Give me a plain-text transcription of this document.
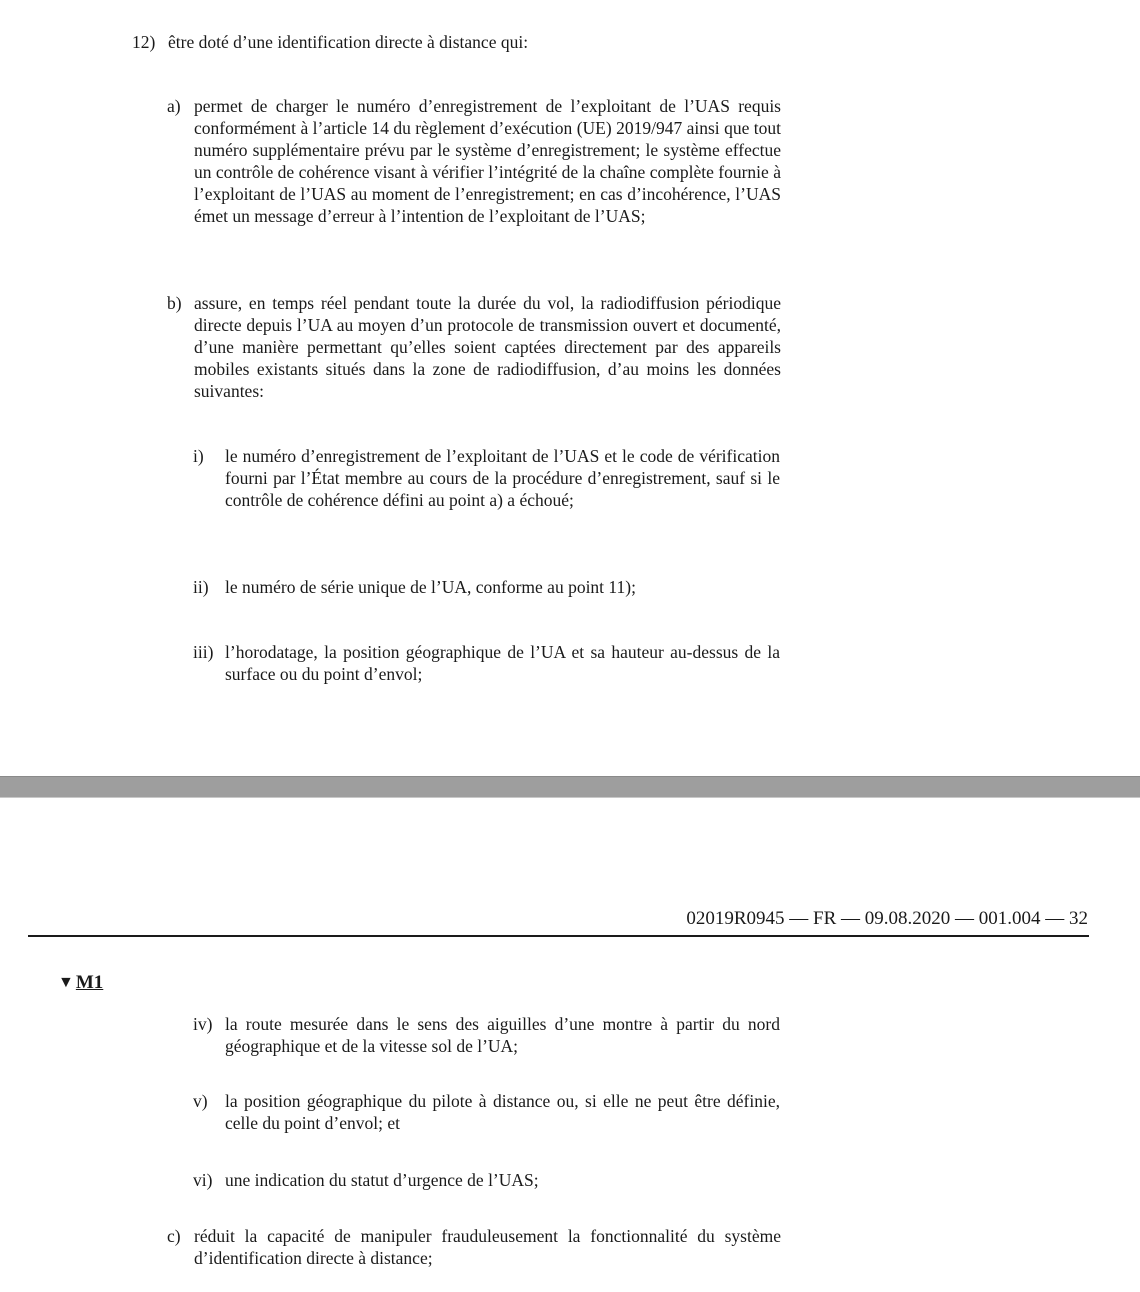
12) être doté d’une identification directe à distance qui:
a) permet de charger le numéro d’enregistrement de l’exploitant de l’UAS requis conformément à l’article 14 du règlement d’exécution (UE) 2019/947 ainsi que tout numéro supplémentaire prévu par le système d’enregistrement; le système effectue un contrôle de cohérence visant à vérifier l’intégrité de la chaîne complète fournie à l’exploitant de l’UAS au moment de l’enregistrement; en cas d’incohérence, l’UAS émet un message d’erreur à l’intention de l’exploitant de l’UAS;
b) assure, en temps réel pendant toute la durée du vol, la radiodiffusion périodique directe depuis l’UA au moyen d’un protocole de transmission ouvert et documenté, d’une manière permettant qu’elles soient captées directement par des appareils mobiles existants situés dans la zone de radiodiffusion, d’au moins les données suivantes:
i)	le numéro d’enregistrement de l’exploitant de l’UAS et le code de vérification fourni par l’État membre au cours de la procédure d’enregistrement, sauf si le contrôle de cohérence défini au point a) a échoué;
ii) le numéro de série unique de l’UA, conforme au point 11);
iii) l’horodatage, la position géographique de l’UA et sa hauteur au-dessus de la surface ou du point d’envol;
02019R0945 — FR — 09.08.2020 — 001.004 — 32
▼ M1
iv) la route mesurée dans le sens des aiguilles d’une montre à partir du nord géographique et de la vitesse sol de l’UA;
v) la position géographique du pilote à distance ou, si elle ne peut être définie, celle du point d’envol; et
vi) une indication du statut d’urgence de l’UAS;
c) réduit la capacité de manipuler frauduleusement la fonctionnalité du système d’identification directe à distance;
